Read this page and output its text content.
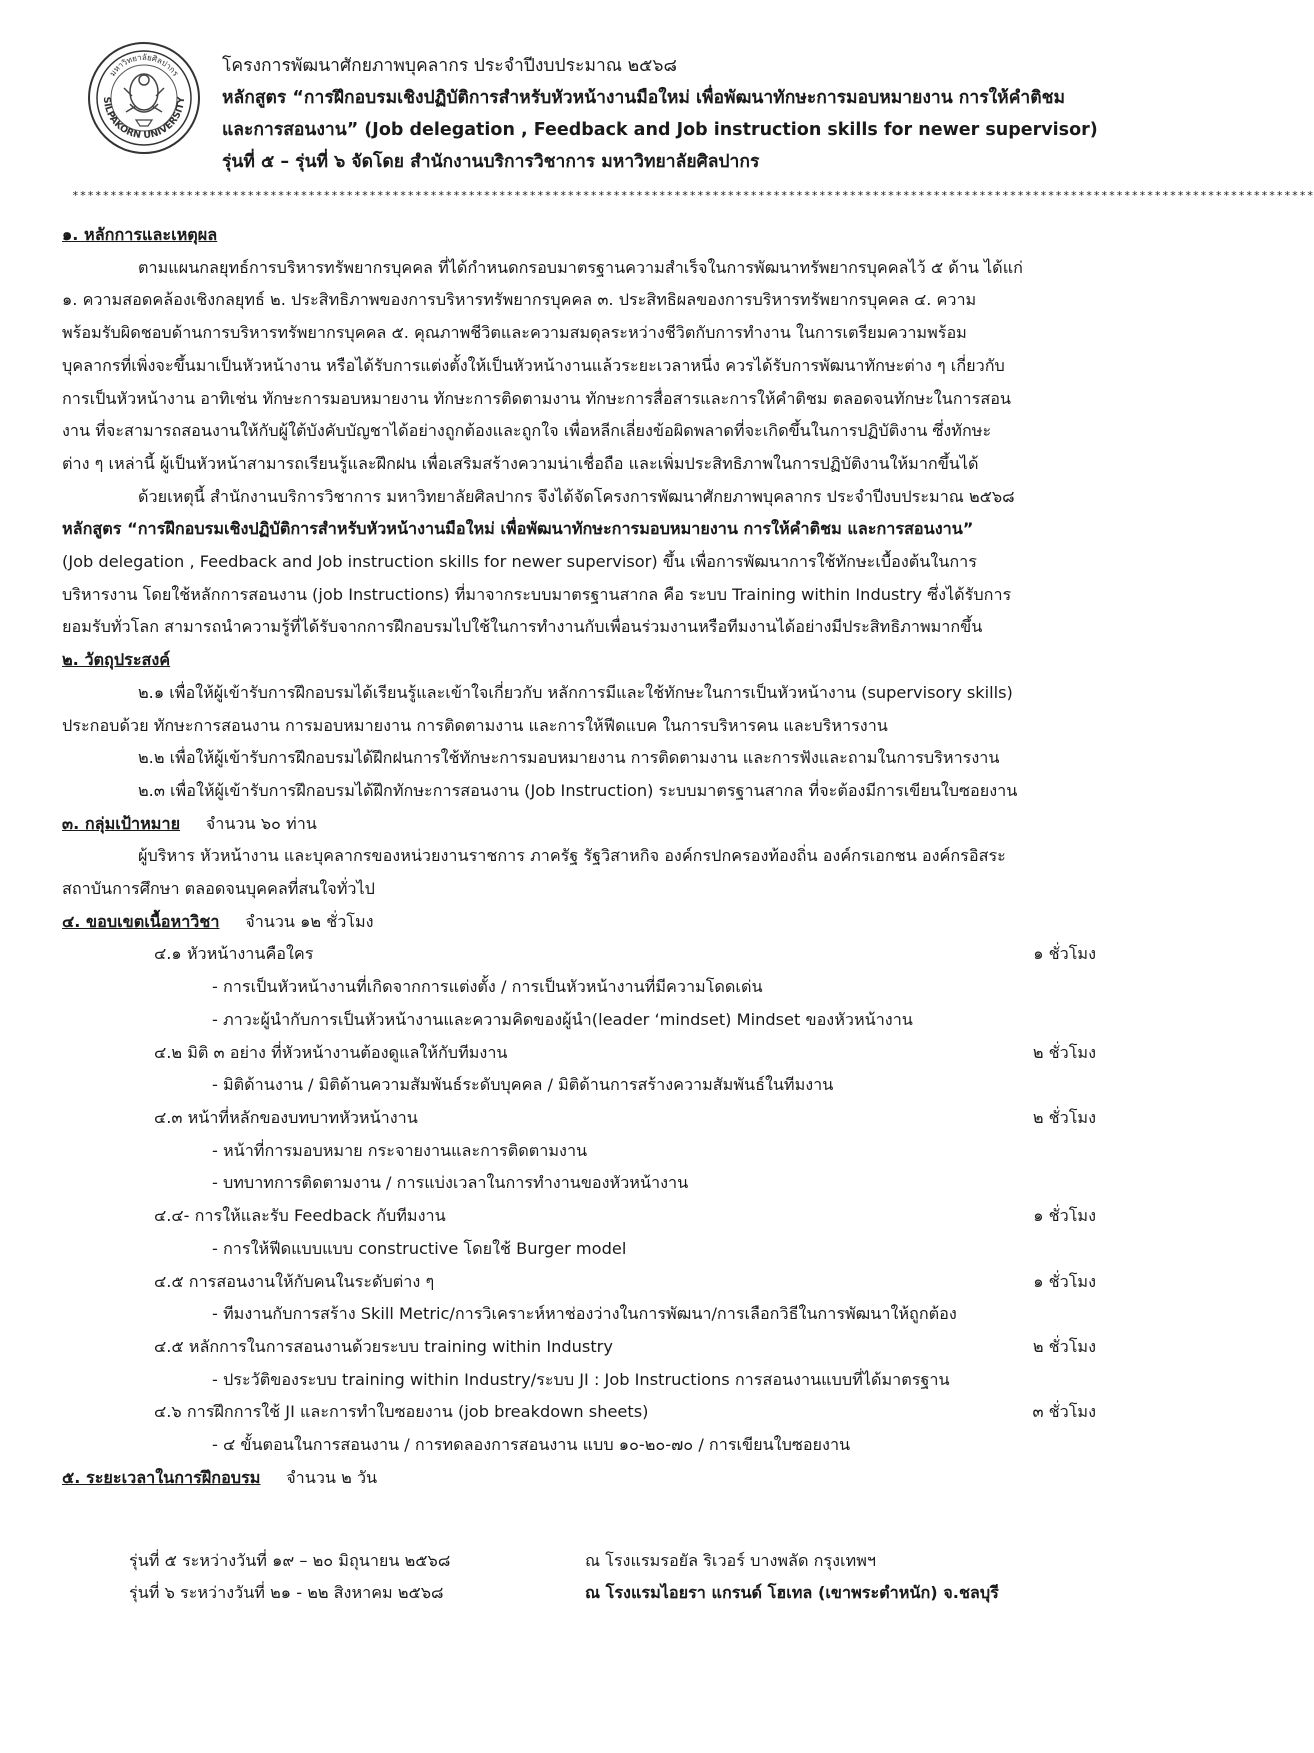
SILPAKORN UNIVERSITY
มหาวิทยาลัยศิลปากร โครงการพัฒนาศักยภาพบุคลากร ประจำปีงบประมาณ ๒๕๖๘
หลักสูตร “การฝึกอบรมเชิงปฏิบัติการสำหรับหัวหน้างานมือใหม่ เพื่อพัฒนาทักษะการมอบหมายงาน การให้คำติชม
และการสอนงาน” (Job delegation , Feedback and Job instruction skills for newer supervisor)
รุ่นที่ ๕ – รุ่นที่ ๖ จัดโดย สำนักงานบริการวิชาการ มหาวิทยาลัยศิลปากร
*******************************************************************************************************************************************************************
๑. หลักการและเหตุผล
ตามแผนกลยุทธ์การบริหารทรัพยากรบุคคล ที่ได้กำหนดกรอบมาตรฐานความสำเร็จในการพัฒนาทรัพยากรบุคคลไว้ ๕ ด้าน ได้แก่
๑. ความสอดคล้องเชิงกลยุทธ์ ๒. ประสิทธิภาพของการบริหารทรัพยากรบุคคล ๓. ประสิทธิผลของการบริหารทรัพยากรบุคคล ๔. ความ
พร้อมรับผิดชอบด้านการบริหารทรัพยากรบุคคล ๕. คุณภาพชีวิตและความสมดุลระหว่างชีวิตกับการทำงาน ในการเตรียมความพร้อม
บุคลากรที่เพิ่งจะขึ้นมาเป็นหัวหน้างาน หรือได้รับการแต่งตั้งให้เป็นหัวหน้างานแล้วระยะเวลาหนึ่ง ควรได้รับการพัฒนาทักษะต่าง ๆ เกี่ยวกับ
การเป็นหัวหน้างาน อาทิเช่น ทักษะการมอบหมายงาน ทักษะการติดตามงาน ทักษะการสื่อสารและการให้คำติชม ตลอดจนทักษะในการสอน
งาน ที่จะสามารถสอนงานให้กับผู้ใต้บังคับบัญชาได้อย่างถูกต้องและถูกใจ เพื่อหลีกเลี่ยงข้อผิดพลาดที่จะเกิดขึ้นในการปฏิบัติงาน ซึ่งทักษะ
ต่าง ๆ เหล่านี้ ผู้เป็นหัวหน้าสามารถเรียนรู้และฝึกฝน เพื่อเสริมสร้างความน่าเชื่อถือ และเพิ่มประสิทธิภาพในการปฏิบัติงานให้มากขึ้นได้
ด้วยเหตุนี้ สำนักงานบริการวิชาการ มหาวิทยาลัยศิลปากร จึงได้จัดโครงการพัฒนาศักยภาพบุคลากร ประจำปีงบประมาณ ๒๕๖๘
หลักสูตร “การฝึกอบรมเชิงปฏิบัติการสำหรับหัวหน้างานมือใหม่ เพื่อพัฒนาทักษะการมอบหมายงาน การให้คำติชม และการสอนงาน”
(Job delegation , Feedback and Job instruction skills for newer supervisor) ขึ้น เพื่อการพัฒนาการใช้ทักษะเบื้องต้นในการ
บริหารงาน โดยใช้หลักการสอนงาน (job Instructions) ที่มาจากระบบมาตรฐานสากล คือ ระบบ Training within Industry ซึ่งได้รับการ
ยอมรับทั่วโลก สามารถนำความรู้ที่ได้รับจากการฝึกอบรมไปใช้ในการทำงานกับเพื่อนร่วมงานหรือทีมงานได้อย่างมีประสิทธิภาพมากขึ้น
๒. วัตถุประสงค์
๒.๑ เพื่อให้ผู้เข้ารับการฝึกอบรมได้เรียนรู้และเข้าใจเกี่ยวกับ หลักการมีและใช้ทักษะในการเป็นหัวหน้างาน (supervisory skills)
ประกอบด้วย ทักษะการสอนงาน การมอบหมายงาน การติดตามงาน และการให้ฟีดแบค ในการบริหารคน และบริหารงาน
๒.๒ เพื่อให้ผู้เข้ารับการฝึกอบรมได้ฝึกฝนการใช้ทักษะการมอบหมายงาน การติดตามงาน และการฟังและถามในการบริหารงาน
๒.๓ เพื่อให้ผู้เข้ารับการฝึกอบรมได้ฝึกทักษะการสอนงาน (Job Instruction) ระบบมาตรฐานสากล ที่จะต้องมีการเขียนใบซอยงาน
๓. กลุ่มเป้าหมาย จำนวน ๖๐ ท่าน
ผู้บริหาร หัวหน้างาน และบุคลากรของหน่วยงานราชการ ภาครัฐ รัฐวิสาหกิจ องค์กรปกครองท้องถิ่น องค์กรเอกชน องค์กรอิสระ
สถาบันการศึกษา ตลอดจนบุคคลที่สนใจทั่วไป
๔. ขอบเขตเนื้อหาวิชา จำนวน ๑๒ ชั่วโมง
๔.๑ หัวหน้างานคือใคร	๑ ชั่วโมง
- การเป็นหัวหน้างานที่เกิดจากการแต่งตั้ง / การเป็นหัวหน้างานที่มีความโดดเด่น
- ภาวะผู้นำกับการเป็นหัวหน้างานและความคิดของผู้นำ(leader ‘mindset) Mindset ของหัวหน้างาน
๔.๒ มิติ ๓ อย่าง ที่หัวหน้างานต้องดูแลให้กับทีมงาน	๒ ชั่วโมง
- มิติด้านงาน / มิติด้านความสัมพันธ์ระดับบุคคล / มิติด้านการสร้างความสัมพันธ์ในทีมงาน
๔.๓ หน้าที่หลักของบทบาทหัวหน้างาน	๒ ชั่วโมง
- หน้าที่การมอบหมาย กระจายงานและการติดตามงาน
- บทบาทการติดตามงาน / การแบ่งเวลาในการทำงานของหัวหน้างาน
๔.๔- การให้และรับ Feedback กับทีมงาน	๑ ชั่วโมง
- การให้ฟีดแบบแบบ constructive โดยใช้ Burger model
๔.๕ การสอนงานให้กับคนในระดับต่าง ๆ	๑ ชั่วโมง
- ทีมงานกับการสร้าง Skill Metric/การวิเคราะห์หาช่องว่างในการพัฒนา/การเลือกวิธีในการพัฒนาให้ถูกต้อง
๔.๕ หลักการในการสอนงานด้วยระบบ training within Industry	๒ ชั่วโมง
- ประวัติของระบบ training within Industry/ระบบ JI : Job Instructions การสอนงานแบบที่ได้มาตรฐาน
๔.๖ การฝึกการใช้ JI และการทำใบซอยงาน (job breakdown sheets)	๓ ชั่วโมง
- ๔ ขั้นตอนในการสอนงาน / การทดลองการสอนงาน แบบ ๑๐-๒๐-๗๐ / การเขียนใบซอยงาน
๕. ระยะเวลาในการฝึกอบรม จำนวน ๒ วัน
รุ่นที่ ๕ ระหว่างวันที่ ๑๙ – ๒๐ มิถุนายน ๒๕๖๘	ณ โรงแรมรอยัล ริเวอร์ บางพลัด กรุงเทพฯ
รุ่นที่ ๖ ระหว่างวันที่ ๒๑ - ๒๒ สิงหาคม ๒๕๖๘	ณ โรงแรมไอยรา แกรนด์ โฮเทล (เขาพระตำหนัก) จ.ชลบุรี
